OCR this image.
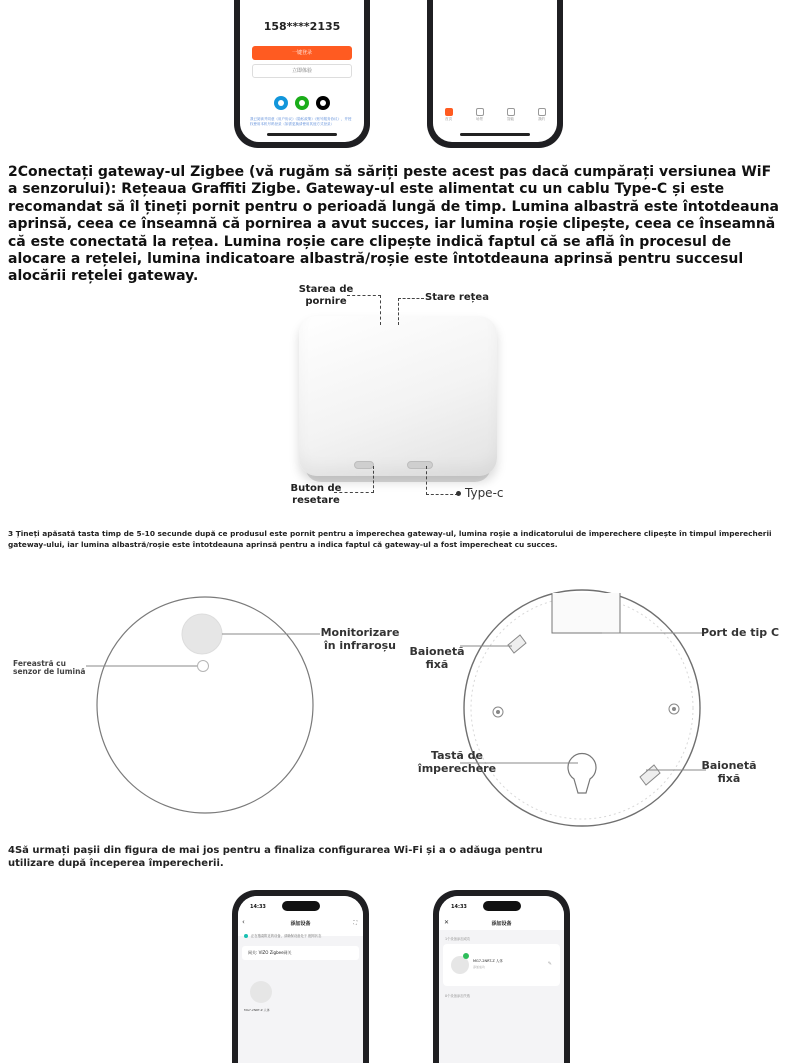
158****2135
一键登录
立即体验
我已阅读并同意《用户协议》《隐私政策》《账号服务协议》，并授权使用本机号码登录（如需更换请使用其他方式登录）
首页	场景	智能	我的
2Conectați gateway-ul Zigbee (vă rugăm să săriți peste acest pas dacă cumpărați versiunea WiF a senzorului): Rețeaua Graffiti Zigbe. Gateway-ul este alimentat cu un cablu Type-C și este recomandat să îl țineți pornit pentru o perioadă lungă de timp. Lumina albastră este întotdeauna aprinsă, ceea ce înseamnă că pornirea a avut succes, iar lumina roșie clipește, ceea ce înseamnă că este conectată la rețea. Lumina roșie care clipește indică faptul că se află în procesul de alocare a rețelei, lumina indicatoare albastră/roșie este întotdeauna aprinsă pentru succesul alocării rețelei gateway.
Starea de pornire	Stare rețea
Buton de resetare
Type-c
3 Țineți apăsată tasta timp de 5-10 secunde după ce produsul este pornit pentru a împerechea gateway-ul, lumina roșie a indicatorului de împerechere clipește în timpul împerecherii gateway-ului, iar lumina albastră/roșie este întotdeauna aprinsă pentru a indica faptul că gateway-ul a fost împerecheat cu succes.
Monitorizare în infraroșu
Fereastră cu senzor de lumină
Port de tip C
Baionetă fixă
Tastă de împerechere	Baionetă fixă
4Să urmați pașii din figura de mai jos pentru a finaliza configurarea Wi-Fi și a o adăuga pentru utilizare după începerea împerecherii.
14:33
‹	添加设备	⛶
正在搜索附近的设备，请确保设备处于 配网状态
网关: VIZO Zigbee网关
MG7-2NRT-Z 人体
14:33
✕	添加设备
1个设备添加成功
MG7-2NRT-Z 人体
添加成功	✎
0个设备添加失败
